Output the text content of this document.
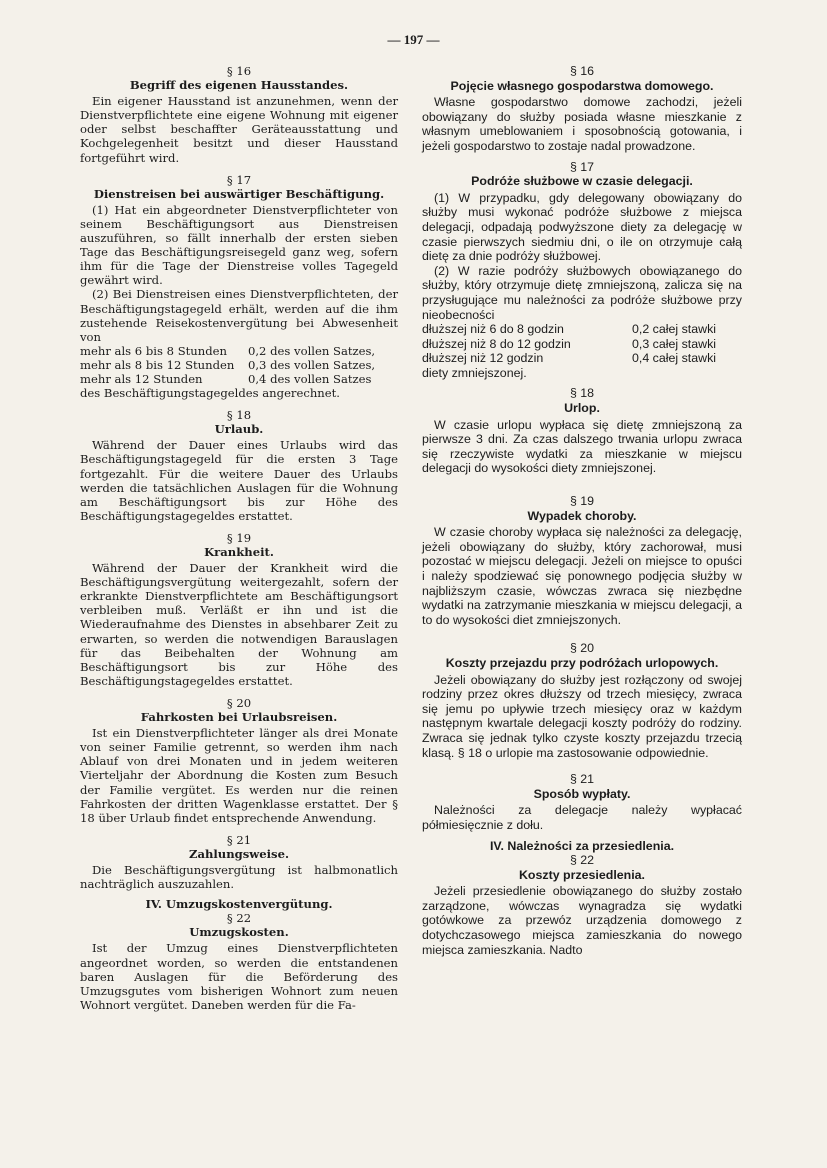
— 197 —
§ 16
Begriff des eigenen Hausstandes.

Ein eigener Hausstand ist anzunehmen, wenn der Dienstverpflichtete eine eigene Wohnung mit eigener oder selbst beschaffter Geräteausstattung und Kochgelegenheit besitzt und dieser Hausstand fortgeführt wird.

§ 17
Dienstreisen bei auswärtiger Beschäftigung.

(1) Hat ein abgeordneter Dienstverpflichteter von seinem Beschäftigungsort aus Dienstreisen auszuführen, so fällt innerhalb der ersten sieben Tage das Beschäftigungsreisegeld ganz weg, sofern ihm für die Tage der Dienstreise volles Tagegeld gewährt wird.

(2) Bei Dienstreisen eines Dienstverpflichteten, der Beschäftigungstagegeld erhält, werden auf die ihm zustehende Reisekostenvergütung bei Abwesenheit von

mehr als 6 bis 8 Stunden	0,2 des vollen Satzes,
mehr als 8 bis 12 Stunden	0,3 des vollen Satzes,
mehr als 12 Stunden	0,4 des vollen Satzes

des Beschäftigungstagegeldes angerechnet.

§ 18
Urlaub.

Während der Dauer eines Urlaubs wird das Beschäftigungstagegeld für die ersten 3 Tage fortgezahlt. Für die weitere Dauer des Urlaubs werden die tatsächlichen Auslagen für die Wohnung am Beschäftigungsort bis zur Höhe des Beschäftigungstagegeldes erstattet.

§ 19
Krankheit.

Während der Dauer der Krankheit wird die Beschäftigungsvergütung weitergezahlt, sofern der erkrankte Dienstverpflichtete am Beschäftigungsort verbleiben muß. Verläßt er ihn und ist die Wiederaufnahme des Dienstes in absehbarer Zeit zu erwarten, so werden die notwendigen Barauslagen für das Beibehalten der Wohnung am Beschäftigungsort bis zur Höhe des Beschäftigungstagegeldes erstattet.

§ 20
Fahrkosten bei Urlaubsreisen.

Ist ein Dienstverpflichteter länger als drei Monate von seiner Familie getrennt, so werden ihm nach Ablauf von drei Monaten und in jedem weiteren Vierteljahr der Abordnung die Kosten zum Besuch der Familie vergütet. Es werden nur die reinen Fahrkosten der dritten Wagenklasse erstattet. Der § 18 über Urlaub findet entsprechende Anwendung.

§ 21
Zahlungsweise.

Die Beschäftigungsvergütung ist halbmonatlich nachträglich auszuzahlen.

IV. Umzugskostenvergütung.
§ 22
Umzugskosten.

Ist der Umzug eines Dienstverpflichteten angeordnet worden, so werden die entstandenen baren Auslagen für die Beförderung des Umzugsgutes vom bisherigen Wohnort zum neuen Wohnort vergütet. Daneben werden für die Fa-

§ 16
Pojęcie własnego gospodarstwa domowego.

Własne gospodarstwo domowe zachodzi, jeżeli obowiązany do służby posiada własne mieszkanie z własnym umeblowaniem i sposobnością gotowania, i jeżeli gospodarstwo to zostaje nadal prowadzone.

§ 17
Podróże służbowe w czasie delegacji.

(1) W przypadku, gdy delegowany obowiązany do służby musi wykonać podróże służbowe z miejsca delegacji, odpadają podwyższone diety za delegację w czasie pierwszych siedmiu dni, o ile on otrzymuje całą dietę za dnie podróży służbowej.

(2) W razie podróży służbowych obowiązanego do służby, który otrzymuje dietę zmniejszoną, zalicza się na przysługujące mu należności za podróże służbowe przy nieobecności

dłuższej niż 6 do 8 godzin	0,2 całej stawki
dłuższej niż 8 do 12 godzin	0,3 całej stawki
dłuższej niż 12 godzin	0,4 całej stawki

diety zmniejszonej.

§ 18
Urlop.

W czasie urlopu wypłaca się dietę zmniejszoną za pierwsze 3 dni. Za czas dalszego trwania urlopu zwraca się rzeczywiste wydatki za mieszkanie w miejscu delegacji do wysokości diety zmniejszonej.

§ 19
Wypadek choroby.

W czasie choroby wypłaca się należności za delegację, jeżeli obowiązany do służby, który zachorował, musi pozostać w miejscu delegacji. Jeżeli on miejsce to opuści i należy spodziewać się ponownego podjęcia służby w najbliższym czasie, wówczas zwraca się niezbędne wydatki na zatrzymanie mieszkania w miejscu delegacji, a to do wysokości diet zmniejszonych.

§ 20
Koszty przejazdu przy podróżach urlopowych.

Jeżeli obowiązany do służby jest rozłączony od swojej rodziny przez okres dłuższy od trzech miesięcy, zwraca się jemu po upływie trzech miesięcy oraz w każdym następnym kwartale delegacji koszty podróży do rodziny. Zwraca się jednak tylko czyste koszty przejazdu trzecią klasą. § 18 o urlopie ma zastosowanie odpowiednie.

§ 21
Sposób wypłaty.

Należności za delegacje należy wypłacać półmiesięcznie z dołu.

IV. Należności za przesiedlenia.
§ 22
Koszty przesiedlenia.

Jeżeli przesiedlenie obowiązanego do służby zostało zarządzone, wówczas wynagradza się wydatki gotówkowe za przewóz urządzenia domowego z dotychczasowego miejsca zamieszkania do nowego miejsca zamieszkania. Nadto
